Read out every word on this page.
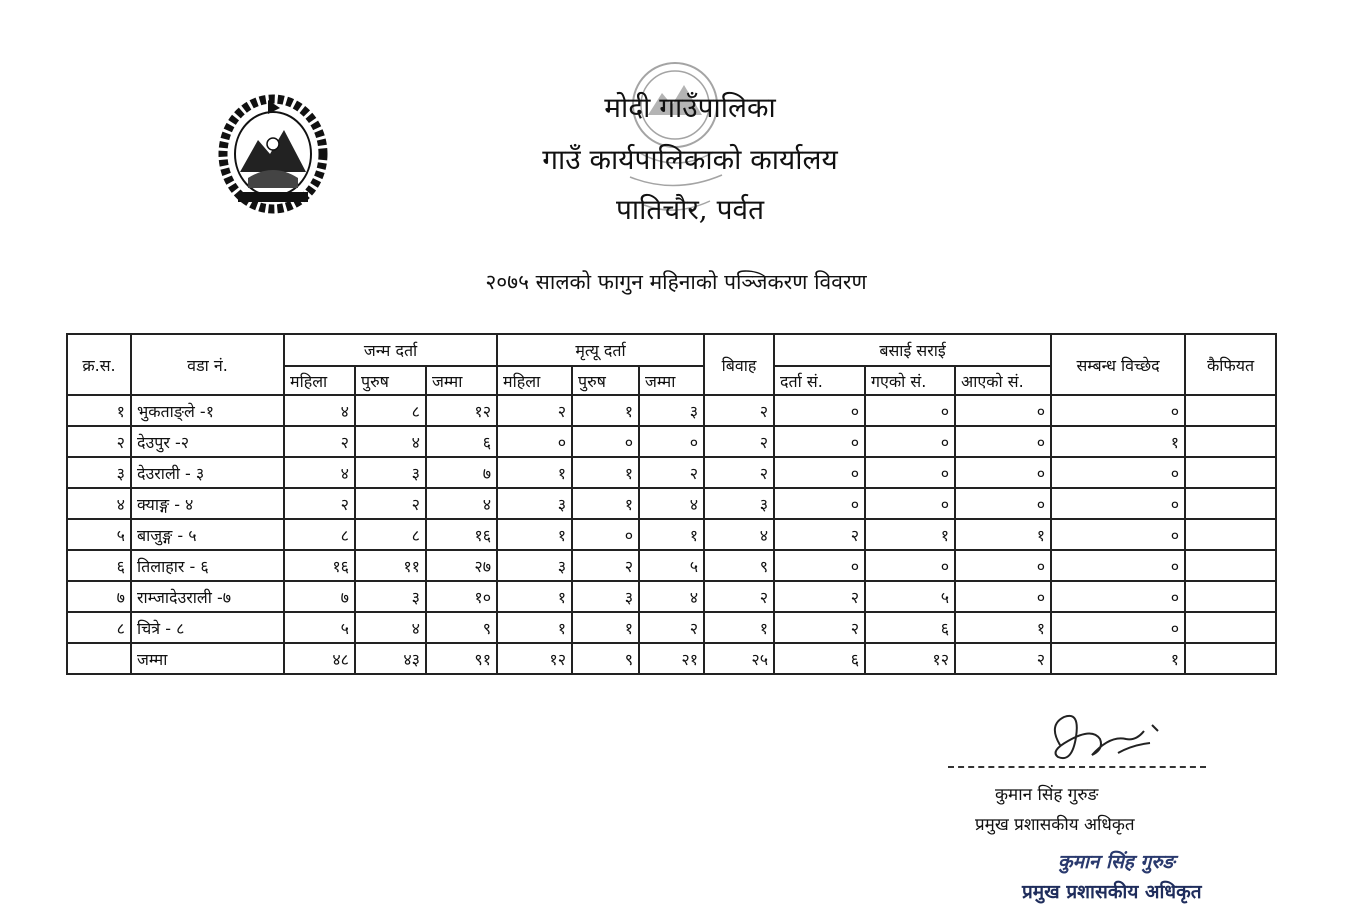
मोदी गाउँपालिका
गाउँ कार्यपालिकाको कार्यालय
पातिचौर, पर्वत
२०७५ सालको फागुन महिनाको पञ्जिकरण विवरण
क्र.स.	वडा नं.	जन्म दर्ता			मृत्यू दर्ता			बिवाह	बसाई सराई			सम्बन्ध विच्छेद	कैफियत
		महिला	पुरुष	जम्मा	महिला	पुरुष	जम्मा		दर्ता सं.	गएको सं.	आएको सं.		
१	भुकताङ्ले -१	४	८	१२	२	१	३	२	०	०	०	०	
२	देउपुर -२	२	४	६	०	०	०	२	०	०	०	१	
३	देउराली - ३	४	३	७	१	१	२	२	०	०	०	०	
४	क्याङ्ग - ४	२	२	४	३	१	४	३	०	०	०	०	
५	बाजुङ्ग - ५	८	८	१६	१	०	१	४	२	१	१	०	
६	तिलाहार - ६	१६	११	२७	३	२	५	९	०	०	०	०	
७	राम्जादेउराली -७	७	३	१०	१	३	४	२	२	५	०	०	
८	चित्रे - ८	५	४	९	१	१	२	१	२	६	१	०	
	जम्मा	४८	४३	९१	१२	९	२१	२५	६	१२	२	१	
कुमान सिंह गुरुङ
प्रमुख प्रशासकीय अधिकृत
कुमान सिंह गुरुङ
प्रमुख प्रशासकीय अधिकृत
